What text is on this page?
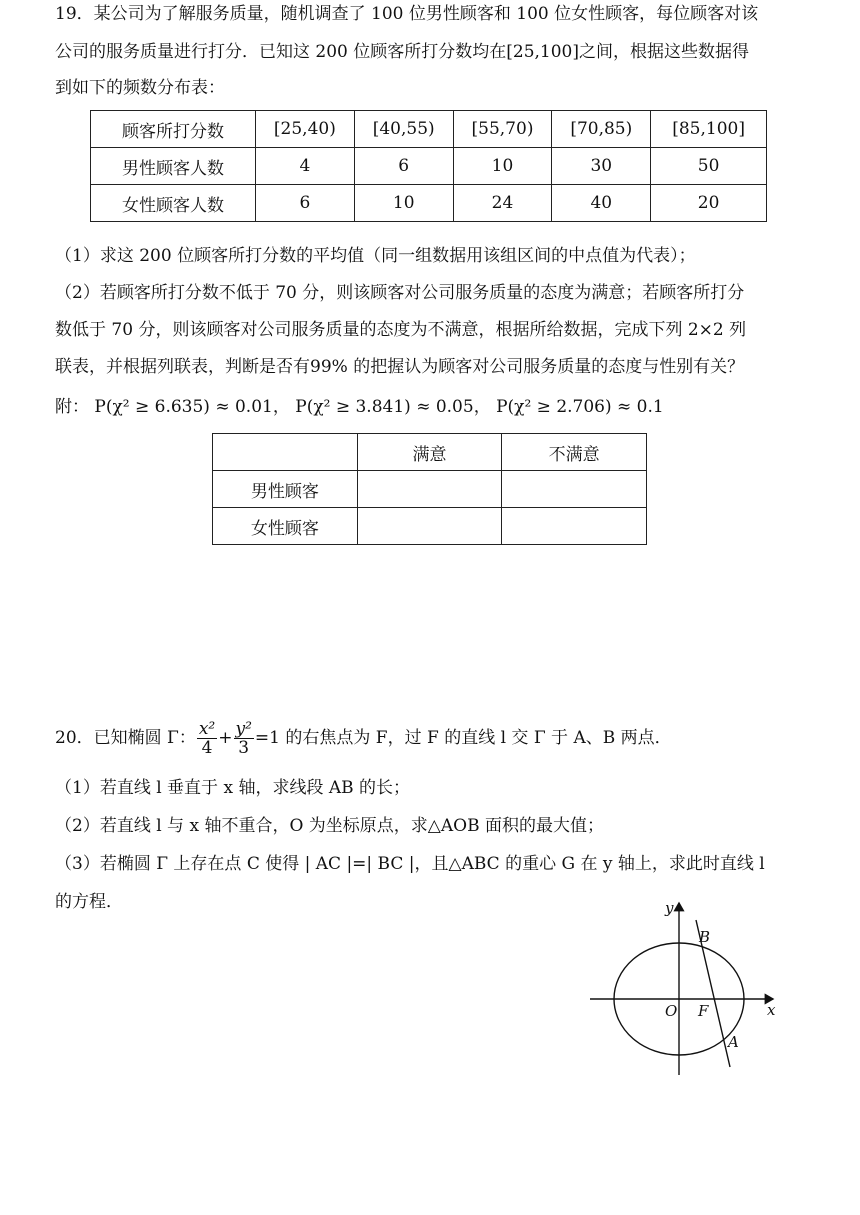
19．某公司为了解服务质量，随机调查了 100 位男性顾客和 100 位女性顾客，每位顾客对该
公司的服务质量进行打分．已知这 200 位顾客所打分数均在[25,100]之间，根据这些数据得
到如下的频数分布表：
顾客所打分数	[25,40)	[40,55)	[55,70)	[70,85)	[85,100]
男性顾客人数	4	6	10	30	50
女性顾客人数	6	10	24	40	20
（1）求这 200 位顾客所打分数的平均值（同一组数据用该组区间的中点值为代表）；
（2）若顾客所打分数不低于 70 分，则该顾客对公司服务质量的态度为满意；若顾客所打分
数低于 70 分，则该顾客对公司服务质量的态度为不满意，根据所给数据，完成下列 2×2 列
联表，并根据列联表，判断是否有99% 的把握认为顾客对公司服务质量的态度与性别有关？
附： P(χ² ≥ 6.635) ≈ 0.01， P(χ² ≥ 3.841) ≈ 0.05， P(χ² ≥ 2.706) ≈ 0.1
	满意	不满意
男性顾客		
女性顾客		
20．已知椭圆 Γ： $\frac{\text{x²}}{4} + \frac{\text{y²}}{3} =1$ 的右焦点为 F，过 F 的直线 l 交 Γ 于 A、B 两点．
（1）若直线 l 垂直于 x 轴，求线段 AB 的长；
（2）若直线 l 与 x 轴不重合，O 为坐标原点，求△AOB 面积的最大值；
（3）若椭圆 Γ 上存在点 C 使得 | AC |=| BC |，且△ABC 的重心 G 在 y 轴上，求此时直线 l
的方程．	y
x
O F
B
A
